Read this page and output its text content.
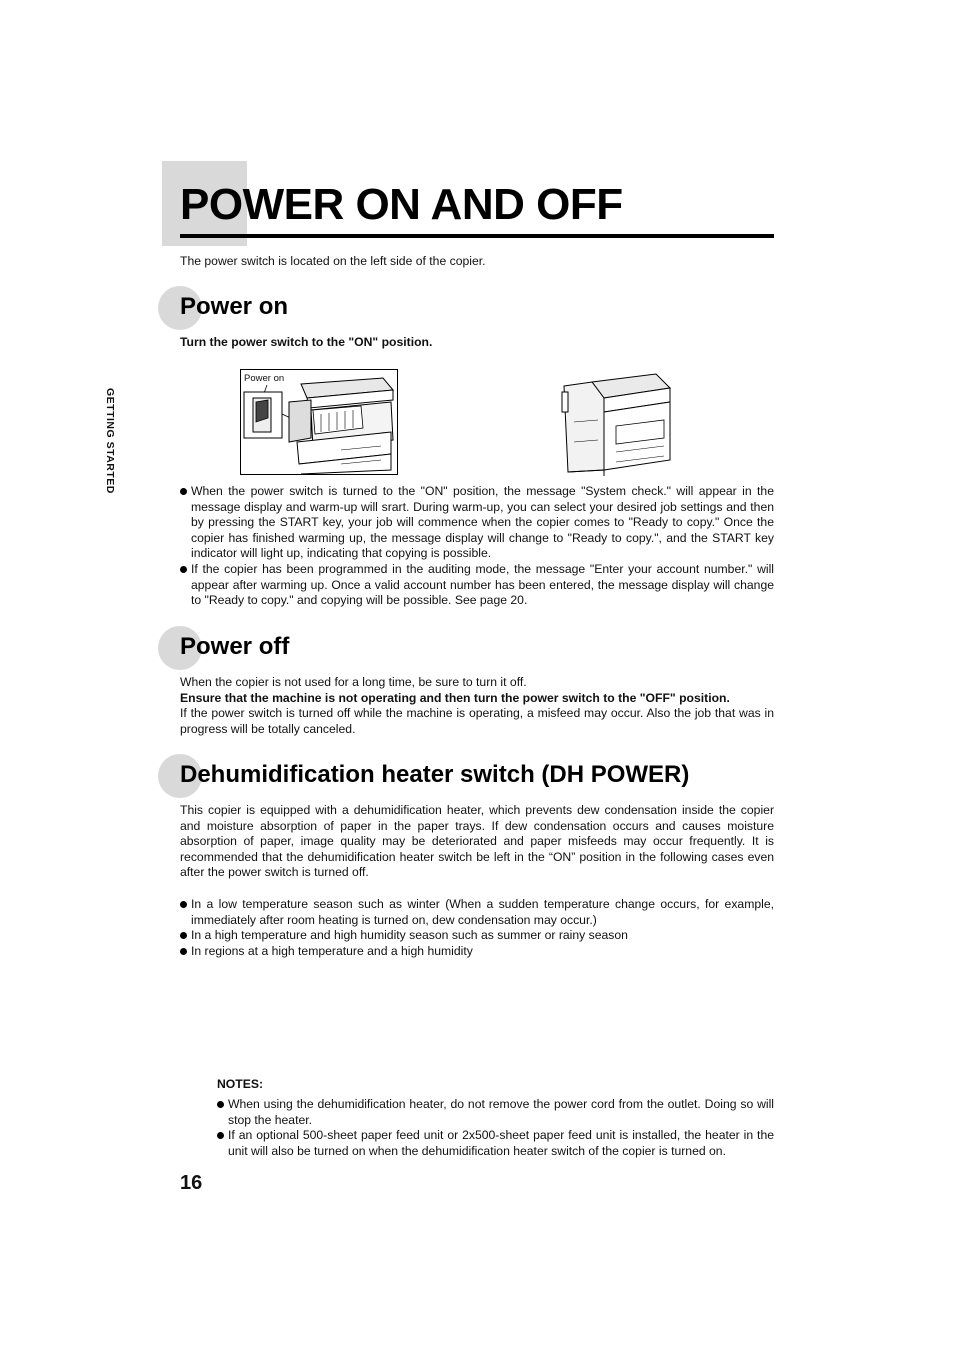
POWER ON AND OFF
The power switch is located on the left side of the copier.
GETTING STARTED
Power on
Turn the power switch to the "ON" position.
Power on
When the power switch is turned to the "ON" position, the message "System check." will appear in the message display and warm-up will srart. During warm-up, you can select your desired job settings and then by pressing the START key, your job will commence when the copier comes to "Ready to copy." Once the copier has finished warming up, the message display will change to "Ready to copy.", and the START key indicator will light up, indicating that copying is possible.
If the copier has been programmed in the auditing mode, the message "Enter your account number." will appear after warming up. Once a valid account number has been entered, the message display will change to "Ready to copy." and copying will be possible. See page 20.
Power off
When the copier is not used for a long time, be sure to turn it off.
Ensure that the machine is not operating and then turn the power switch to the "OFF" position.
If the power switch is turned off while the machine is operating, a misfeed may occur. Also the job that was in progress will be totally canceled.
Dehumidification heater switch (DH POWER)
This copier is equipped with a dehumidification heater, which prevents dew condensation inside the copier and moisture absorption of paper in the paper trays. If dew condensation occurs and causes moisture absorption of paper, image quality may be deteriorated and paper misfeeds may occur frequently. It is recommended that the dehumidification heater switch be left in the “ON” position in the following cases even after the power switch is turned off.
In a low temperature season such as winter (When a sudden temperature change occurs, for example, immediately after room heating is turned on, dew condensation may occur.)
In a high temperature and high humidity season such as summer or rainy season
In regions at a high temperature and a high humidity
NOTES:
When using the dehumidification heater, do not remove the power cord from the outlet. Doing so will stop the heater.
If an optional 500-sheet paper feed unit or 2x500-sheet paper feed unit is installed, the heater in the unit will also be turned on when the dehumidification heater switch of the copier is turned on.
16
